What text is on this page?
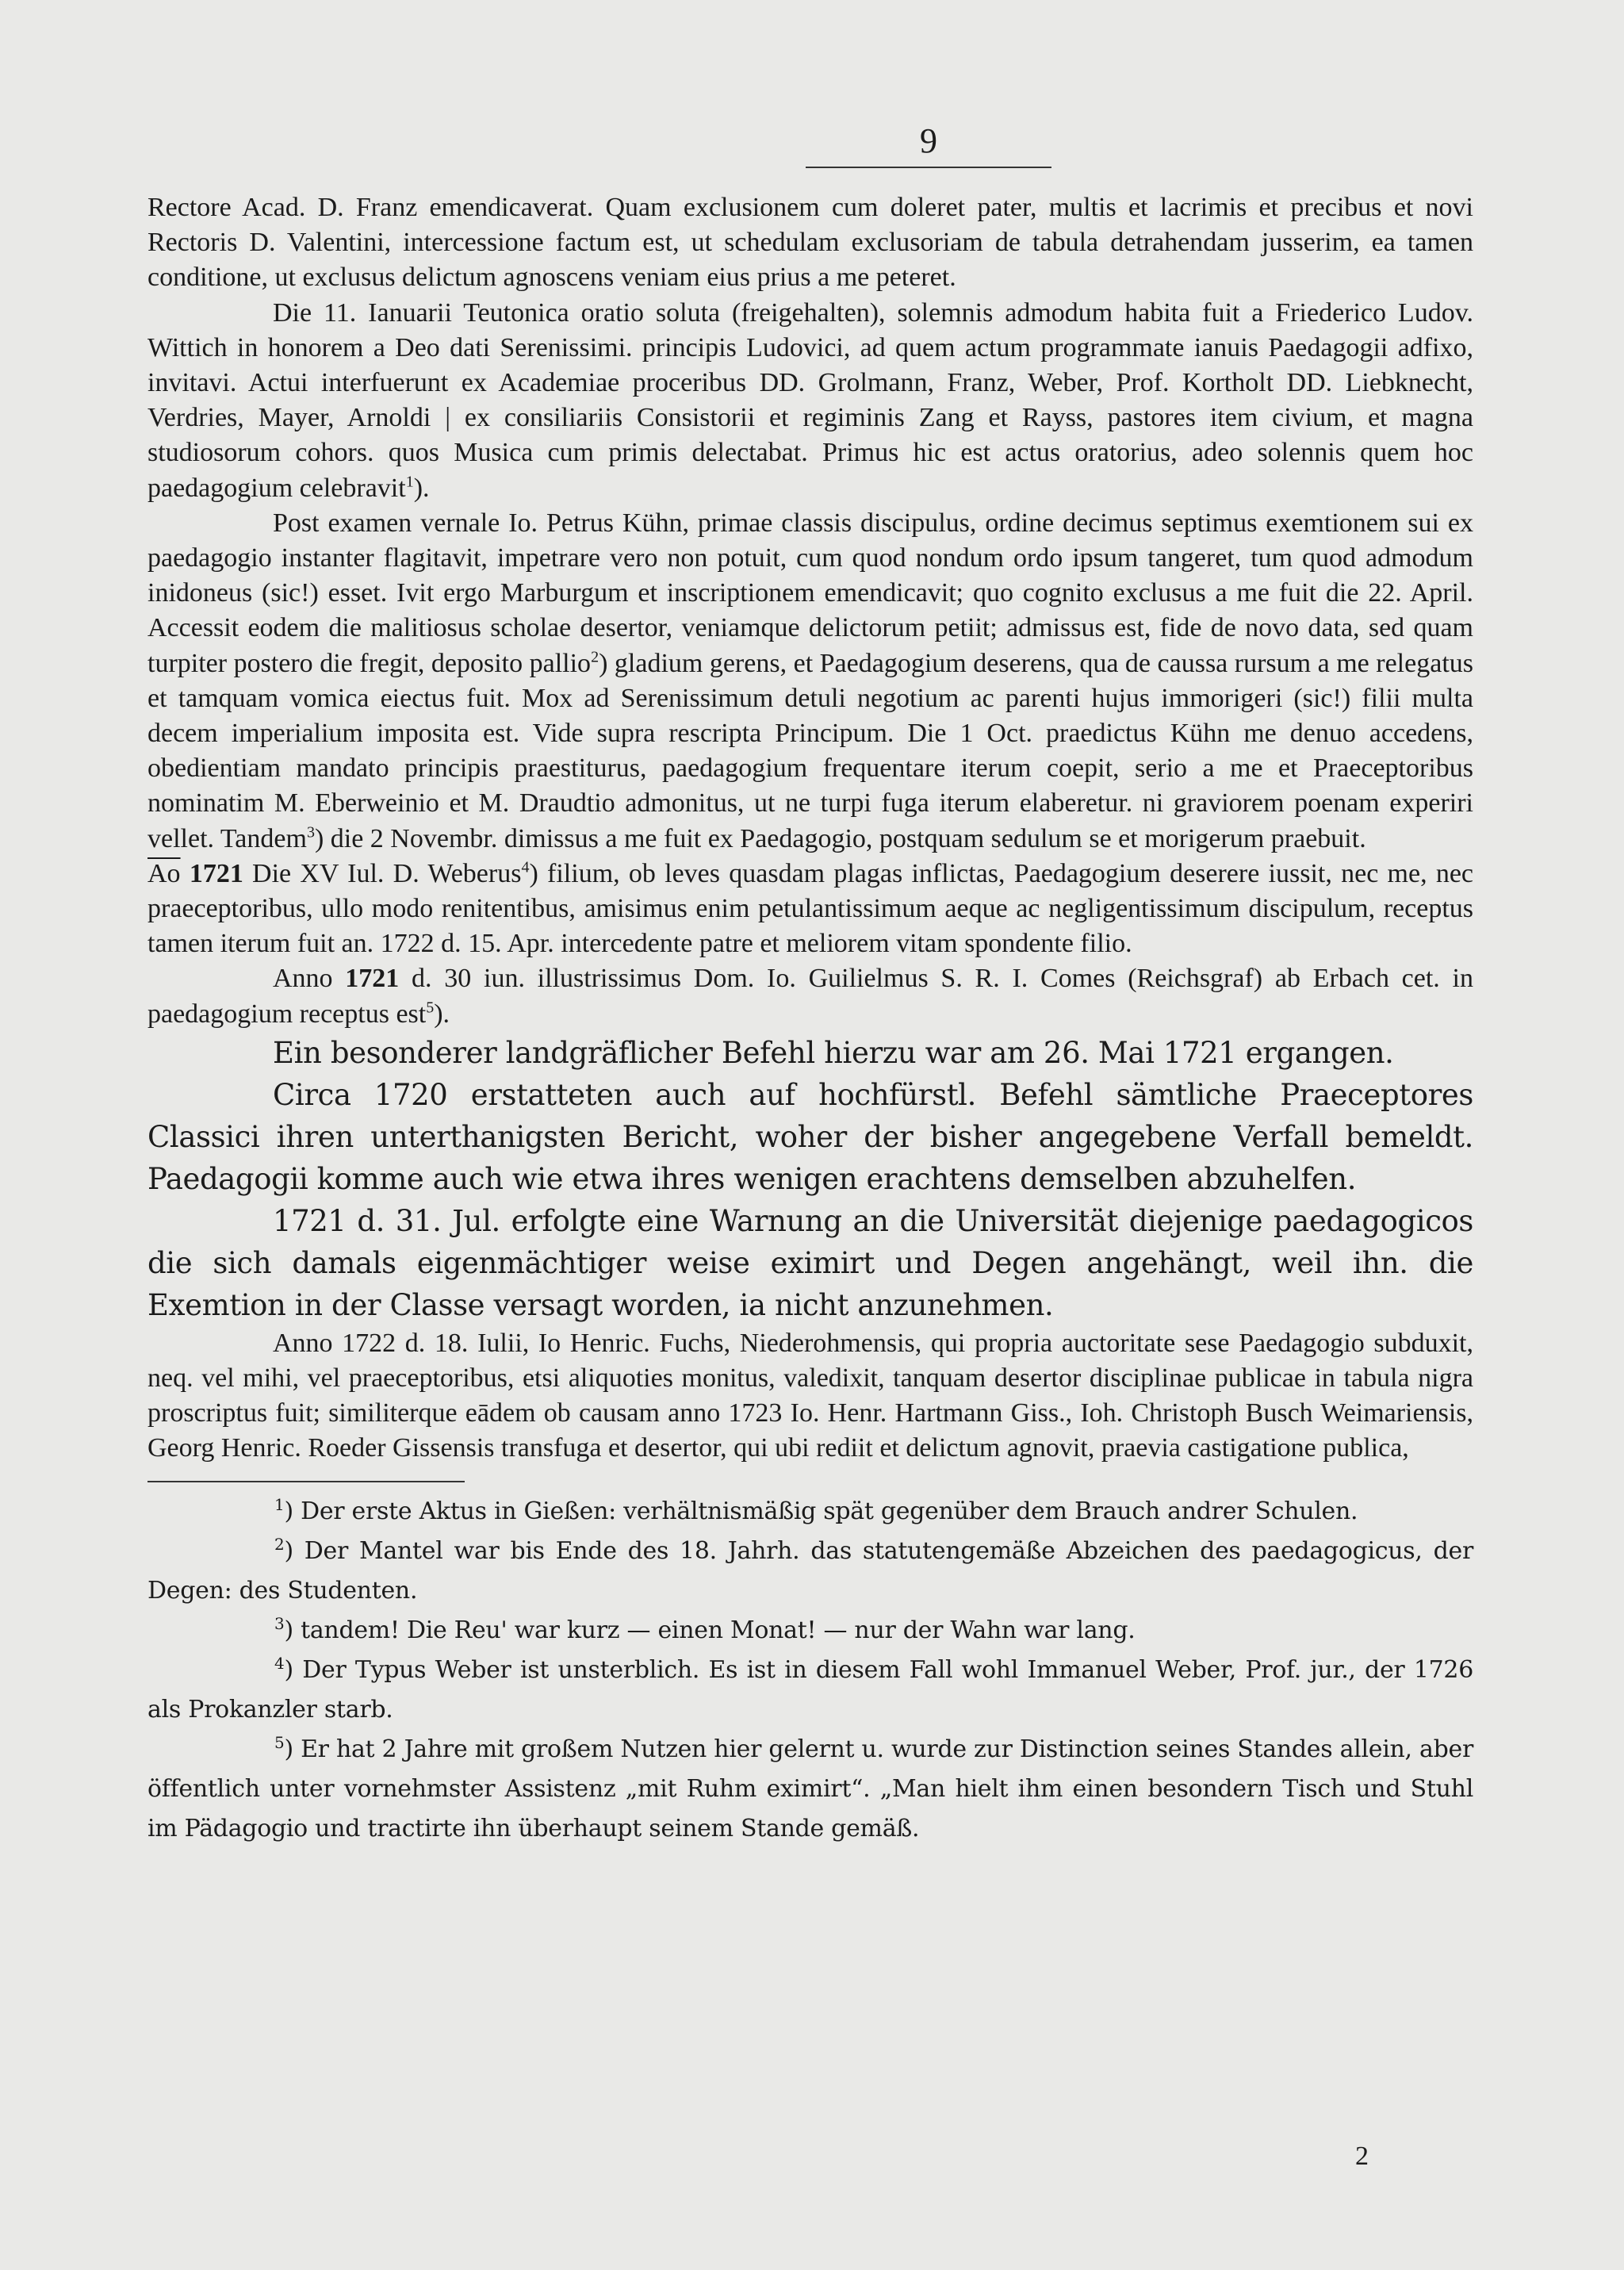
9

Rectore Acad. D. Franz emendicaverat. Quam exclusionem cum doleret pater, multis et lacrimis et precibus et novi Rectoris D. Valentini, intercessione factum est, ut schedulam exclusoriam de tabula detrahendam jusserim, ea tamen conditione, ut exclusus delictum agnoscens veniam eius prius a me peteret.

Die 11. Ianuarii Teutonica oratio soluta (freigehalten), solemnis admodum habita fuit a Friederico Ludov. Wittich in honorem a Deo dati Serenissimi. principis Ludovici, ad quem actum programmate ianuis Paedagogii adfixo, invitavi. Actui interfuerunt ex Academiae proceribus DD. Grolmann, Franz, Weber, Prof. Kortholt DD. Liebknecht, Verdries, Mayer, Arnoldi | ex consiliariis Consistorii et regiminis Zang et Rayss, pastores item civium, et magna studiosorum cohors. quos Musica cum primis delectabat. Primus hic est actus oratorius, adeo solennis quem hoc paedagogium celebravit$^1$).

Post examen vernale Io. Petrus Kühn, primae classis discipulus, ordine decimus septimus exemtionem sui ex paedagogio instanter flagitavit, impetrare vero non potuit, cum quod nondum ordo ipsum tangeret, tum quod admodum inidoneus (sic!) esset. Ivit ergo Marburgum et inscriptionem emendicavit; quo cognito exclusus a me fuit die 22. April. Accessit eodem die malitiosus scholae desertor, veniamque delictorum petiit; admissus est, fide de novo data, sed quam turpiter postero die fregit, deposito pallio$^2$) gladium gerens, et Paedagogium deserens, qua de caussa rursum a me relegatus et tamquam vomica eiectus fuit. Mox ad Serenissimum detuli negotium ac parenti hujus immorigeri (sic!) filii multa decem imperialium imposita est. Vide supra rescripta Principum. Die 1 Oct. praedictus Kühn me denuo accedens, obedientiam mandato principis praestiturus, paedagogium frequentare iterum coepit, serio a me et Praeceptoribus nominatim M. Eberweinio et M. Draudtio admonitus, ut ne turpi fuga iterum elaberetur. ni graviorem poenam experiri vellet. Tandem$^3$) die 2 Novembr. dimissus a me fuit ex Paedagogio, postquam sedulum se et morigerum praebuit.

$\overline{Ao}$ 1721 Die XV Iul. D. Weberus$^4$) filium, ob leves quasdam plagas inflictas, Paedagogium deserere iussit, nec me, nec praeceptoribus, ullo modo renitentibus, amisimus enim petulantissimum aeque ac negligentissimum discipulum, receptus tamen iterum fuit an. 1722 d. 15. Apr. intercedente patre et meliorem vitam spondente filio.

Anno 1721 d. 30 iun. illustrissimus Dom. Io. Guilielmus S. R. I. Comes (Reichsgraf) ab Erbach cet. in paedagogium receptus est$^5$).

Ein besonderer landgräflicher Befehl hierzu war am 26. Mai 1721 ergangen.

Circa 1720 erstatteten auch auf hochfürstl. Befehl sämtliche Praeceptores Classici ihren unterthanigsten Bericht, woher der bisher angegebene Verfall bemeldt. Paedagogii komme auch wie etwa ihres wenigen erachtens demselben abzuhelfen.

1721 d. 31. Jul. erfolgte eine Warnung an die Universität diejenige paedagogicos die sich damals eigenmächtiger weise eximirt und Degen angehängt, weil ihn. die Exemtion in der Classe versagt worden, ia nicht anzunehmen.

Anno 1722 d. 18. Iulii, Io Henric. Fuchs, Niederohmensis, qui propria auctoritate sese Paedagogio subduxit, neq. vel mihi, vel praeceptoribus, etsi aliquoties monitus, valedixit, tanquam desertor disciplinae publicae in tabula nigra proscriptus fuit; similiterque eādem ob causam anno 1723 Io. Henr. Hartmann Giss., Ioh. Christoph Busch Weimariensis, Georg Henric. Roeder Gissensis transfuga et desertor, qui ubi rediit et delictum agnovit, praevia castigatione publica,

$^1$) Der erste Aktus in Gießen: verhältnismäßig spät gegenüber dem Brauch andrer Schulen.

$^2$) Der Mantel war bis Ende des 18. Jahrh. das statutengemäße Abzeichen des paedagogicus, der Degen: des Studenten.

$^3$) tandem! Die Reu' war kurz — einen Monat! — nur der Wahn war lang.

$^4$) Der Typus Weber ist unsterblich. Es ist in diesem Fall wohl Immanuel Weber, Prof. jur., der 1726 als Prokanzler starb.

$^5$) Er hat 2 Jahre mit großem Nutzen hier gelernt u. wurde zur Distinction seines Standes allein, aber öffentlich unter vornehmster Assistenz „mit Ruhm eximirt“. „Man hielt ihm einen besondern Tisch und Stuhl im Pädagogio und tractirte ihn überhaupt seinem Stande gemäß.

2
